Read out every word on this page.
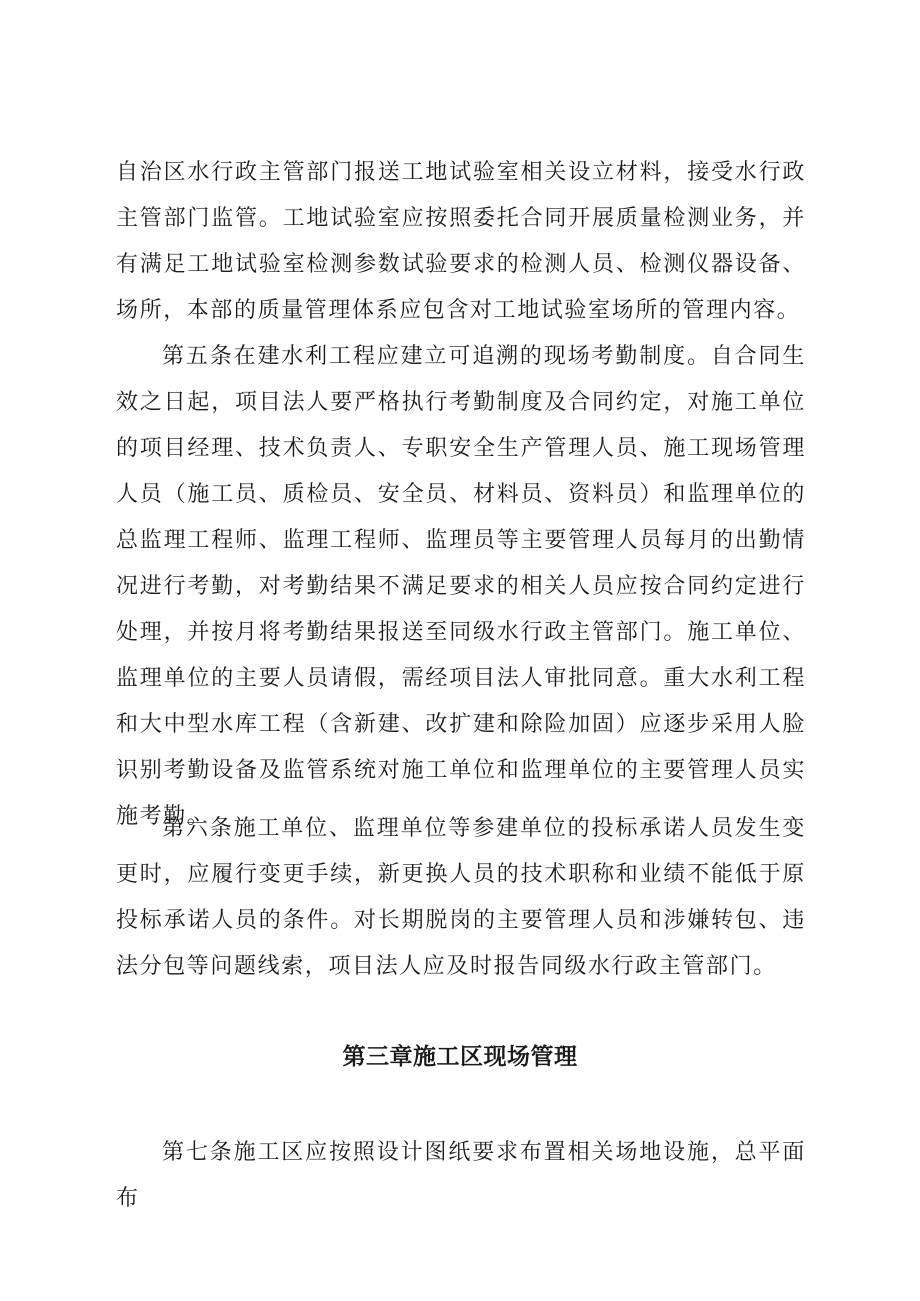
自治区水行政主管部门报送工地试验室相关设立材料，接受水行政主管部门监管。工地试验室应按照委托合同开展质量检测业务，并有满足工地试验室检测参数试验要求的检测人员、检测仪器设备、场所，本部的质量管理体系应包含对工地试验室场所的管理内容。

第五条在建水利工程应建立可追溯的现场考勤制度。自合同生效之日起，项目法人要严格执行考勤制度及合同约定，对施工单位的项目经理、技术负责人、专职安全生产管理人员、施工现场管理人员（施工员、质检员、安全员、材料员、资料员）和监理单位的总监理工程师、监理工程师、监理员等主要管理人员每月的出勤情况进行考勤，对考勤结果不满足要求的相关人员应按合同约定进行处理，并按月将考勤结果报送至同级水行政主管部门。施工单位、监理单位的主要人员请假，需经项目法人审批同意。重大水利工程和大中型水库工程（含新建、改扩建和除险加固）应逐步采用人脸识别考勤设备及监管系统对施工单位和监理单位的主要管理人员实施考勤。

第六条施工单位、监理单位等参建单位的投标承诺人员发生变更时，应履行变更手续，新更换人员的技术职称和业绩不能低于原投标承诺人员的条件。对长期脱岗的主要管理人员和涉嫌转包、违法分包等问题线索，项目法人应及时报告同级水行政主管部门。

第三章施工区现场管理

第七条施工区应按照设计图纸要求布置相关场地设施，总平面布
